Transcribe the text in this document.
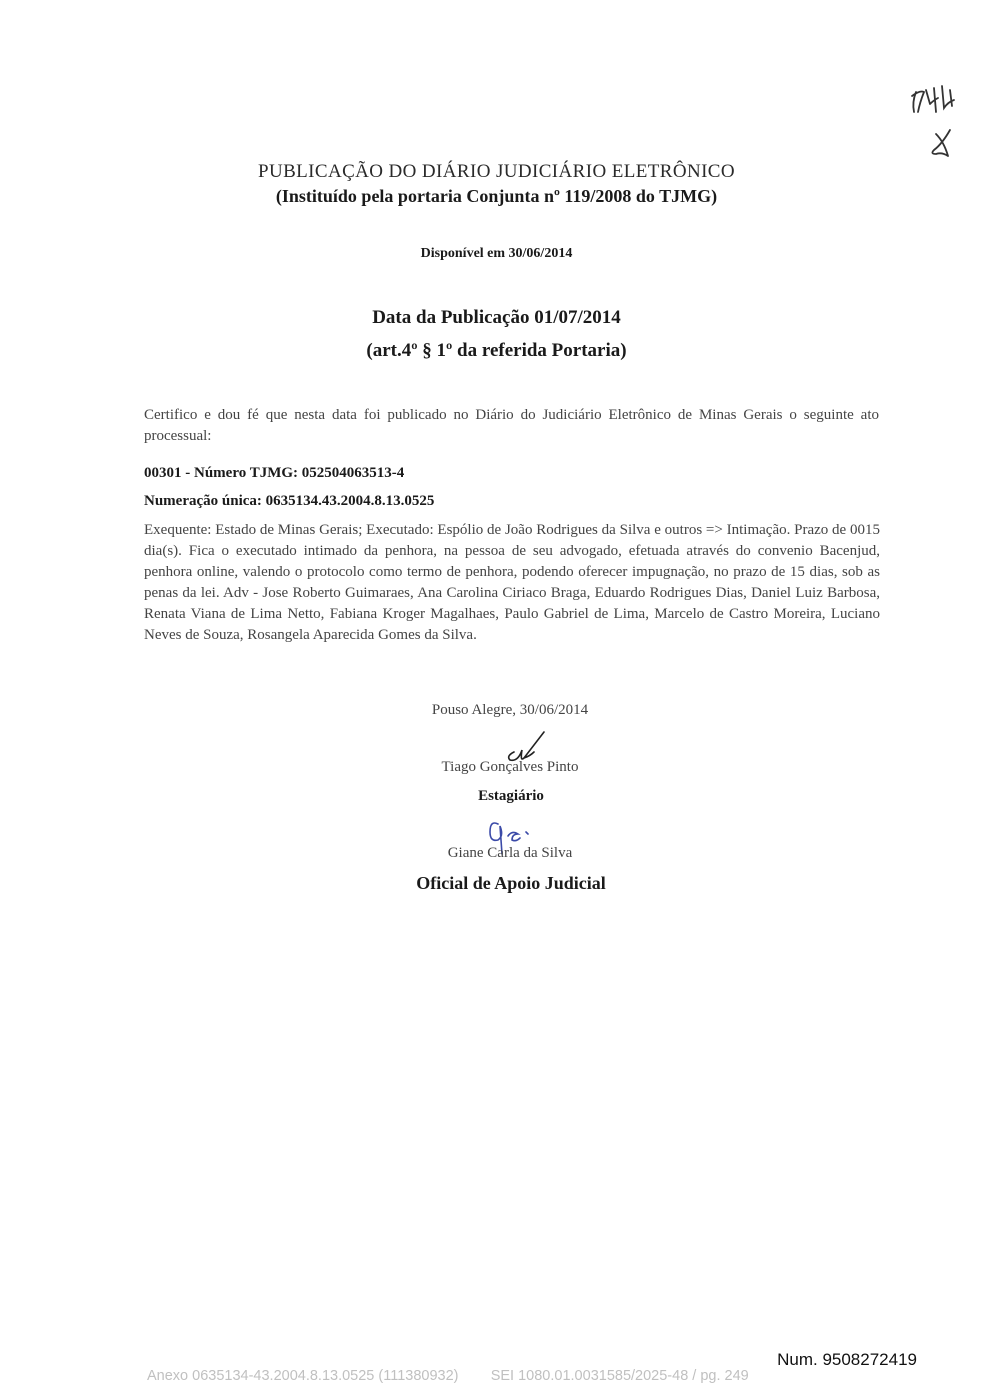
PUBLICAÇÃO DO DIÁRIO JUDICIÁRIO ELETRÔNICO
(Instituído pela portaria Conjunta nº 119/2008 do TJMG)
Disponível em 30/06/2014
Data da Publicação 01/07/2014
(art.4º § 1º da referida Portaria)
Certifico e dou fé que nesta data foi publicado no Diário do Judiciário Eletrônico de Minas Gerais o seguinte ato processual:
00301 - Número TJMG: 052504063513-4
Numeração única: 0635134.43.2004.8.13.0525
Exequente: Estado de Minas Gerais; Executado: Espólio de João Rodrigues da Silva e outros => Intimação. Prazo de 0015 dia(s). Fica o executado intimado da penhora, na pessoa de seu advogado, efetuada através do convenio Bacenjud, penhora online, valendo o protocolo como termo de penhora, podendo oferecer impugnação, no prazo de 15 dias, sob as penas da lei. Adv - Jose Roberto Guimaraes, Ana Carolina Ciriaco Braga, Eduardo Rodrigues Dias, Daniel Luiz Barbosa, Renata Viana de Lima Netto, Fabiana Kroger Magalhaes, Paulo Gabriel de Lima, Marcelo de Castro Moreira, Luciano Neves de Souza, Rosangela Aparecida Gomes da Silva.
Pouso Alegre, 30/06/2014
Tiago Gonçalves Pinto
Estagiário
Giane Carla da Silva
Oficial de Apoio Judicial
Num. 9508272419
Anexo 0635134-43.2004.8.13.0525 (111380932) SEI 1080.01.0031585/2025-48 / pg. 249
